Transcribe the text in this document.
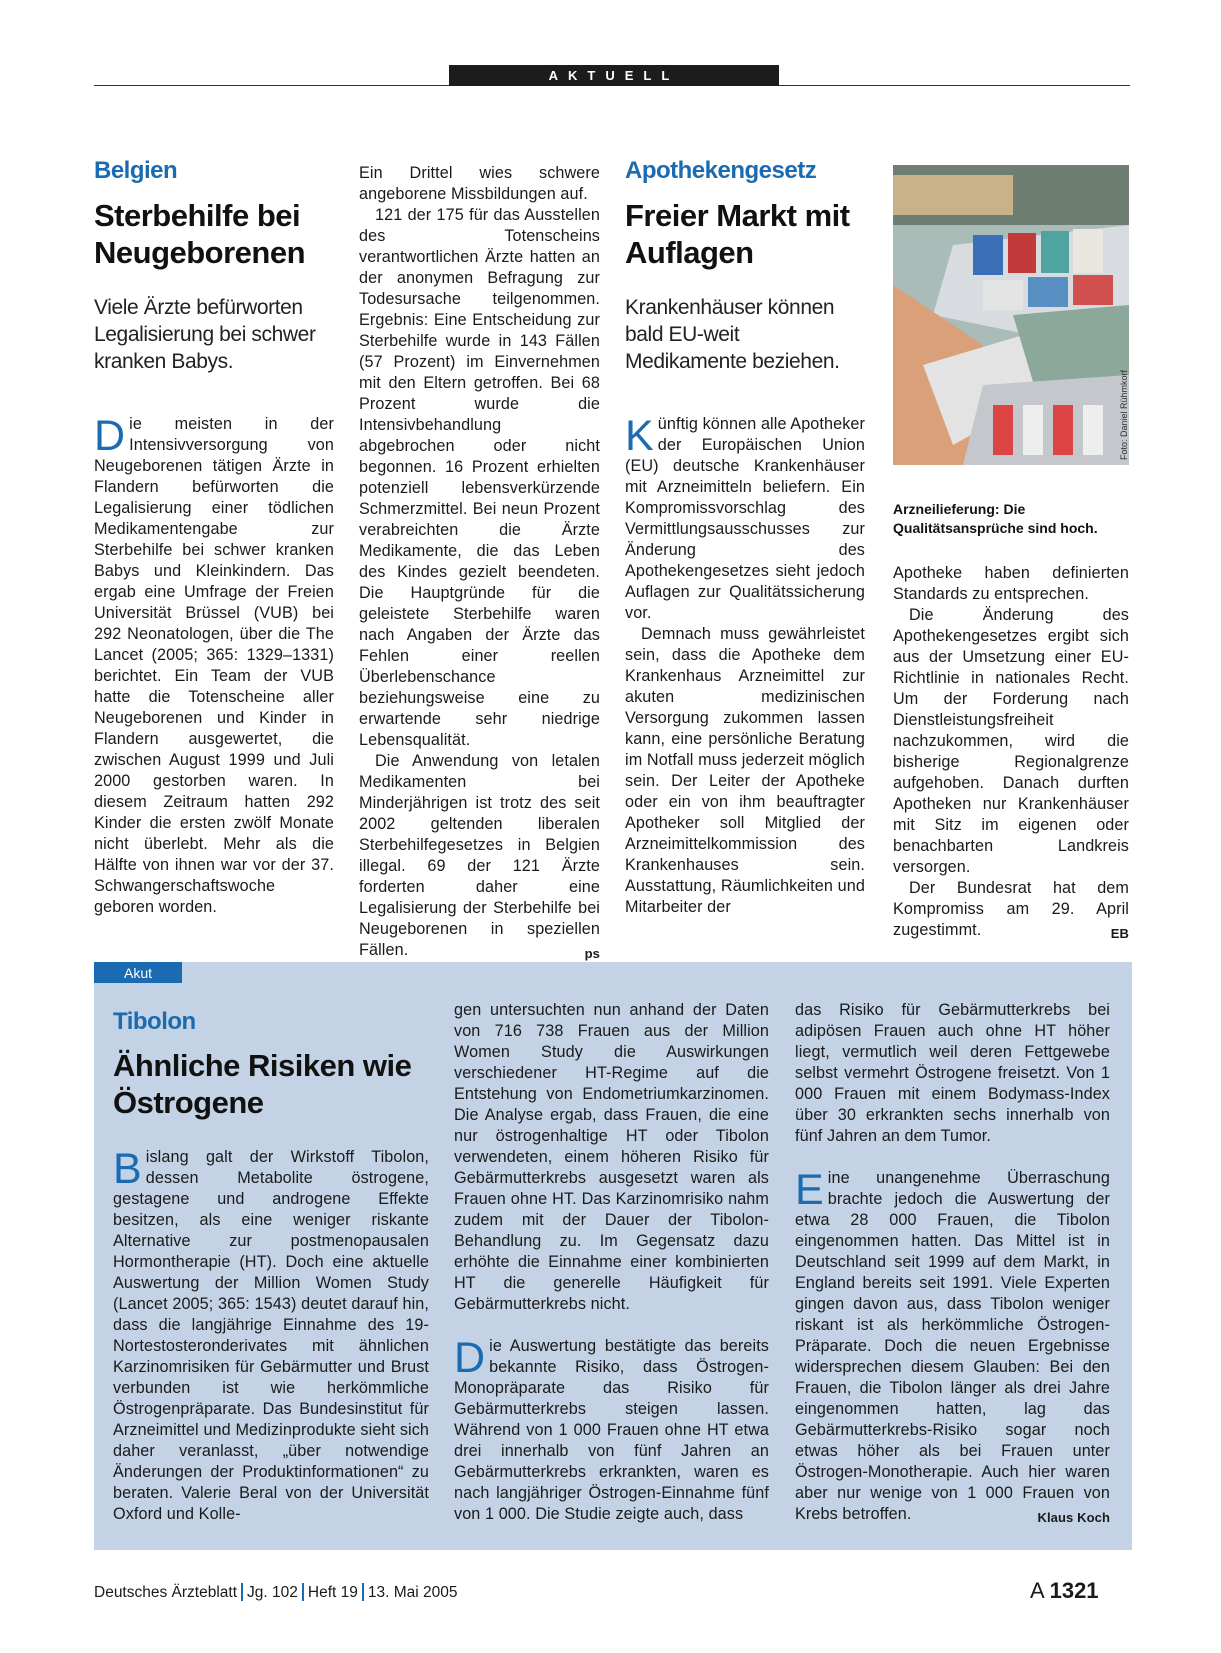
AKTUELL
Belgien
Sterbehilfe bei Neugeborenen
Viele Ärzte befürworten Legalisierung bei schwer kranken Babys.

Die meisten in der Intensivversorgung von Neugeborenen tätigen Ärzte in Flandern befürworten die Legalisierung einer tödlichen Medikamentengabe zur Sterbehilfe bei schwer kranken Babys und Kleinkindern. Das ergab eine Umfrage der Freien Universität Brüssel (VUB) bei 292 Neonatologen, über die The Lancet (2005; 365: 1329–1331) berichtet. Ein Team der VUB hatte die Totenscheine aller Neugeborenen und Kinder in Flandern ausgewertet, die zwischen August 1999 und Juli 2000 gestorben waren. In diesem Zeitraum hatten 292 Kinder die ersten zwölf Monate nicht überlebt. Mehr als die Hälfte von ihnen war vor der 37. Schwangerschaftswoche geboren worden.

Ein Drittel wies schwere angeborene Missbildungen auf.

121 der 175 für das Ausstellen des Totenscheins verantwortlichen Ärzte hatten an der anonymen Befragung zur Todesursache teilgenommen. Ergebnis: Eine Entscheidung zur Sterbehilfe wurde in 143 Fällen (57 Prozent) im Einvernehmen mit den Eltern getroffen. Bei 68 Prozent wurde die Intensivbehandlung abgebrochen oder nicht begonnen. 16 Prozent erhielten potenziell lebensverkürzende Schmerzmittel. Bei neun Prozent verabreichten die Ärzte Medikamente, die das Leben des Kindes gezielt beendeten. Die Hauptgründe für die geleistete Sterbehilfe waren nach Angaben der Ärzte das Fehlen einer reellen Überlebenschance beziehungsweise eine zu erwartende sehr niedrige Lebensqualität.

Die Anwendung von letalen Medikamenten bei Minderjährigen ist trotz des seit 2002 geltenden liberalen Sterbehilfegesetzes in Belgien illegal. 69 der 121 Ärzte forderten daher eine Legalisierung der Sterbehilfe bei Neugeborenen in speziellen Fällen.	ps

Apothekengesetz
Freier Markt mit Auflagen
Krankenhäuser können bald EU-weit Medikamente beziehen.

Künftig können alle Apotheker der Europäischen Union (EU) deutsche Krankenhäuser mit Arzneimitteln beliefern. Ein Kompromissvorschlag des Vermittlungsausschusses zur Änderung des Apothekengesetzes sieht jedoch Auflagen zur Qualitätssicherung vor.

Demnach muss gewährleistet sein, dass die Apotheke dem Krankenhaus Arzneimittel zur akuten medizinischen Versorgung zukommen lassen kann, eine persönliche Beratung im Notfall muss jederzeit möglich sein. Der Leiter der Apotheke oder ein von ihm beauftragter Apotheker soll Mitglied der Arzneimittelkommission des Krankenhauses sein. Ausstattung, Räumlichkeiten und Mitarbeiter der

Foto: Daniel Rühmkorf
Arzneilieferung: Die Qualitätsansprüche sind hoch.

Apotheke haben definierten Standards zu entsprechen.

Die Änderung des Apothekengesetzes ergibt sich aus der Umsetzung einer EU-Richtlinie in nationales Recht. Um der Forderung nach Dienstleistungsfreiheit nachzukommen, wird die bisherige Regionalgrenze aufgehoben. Danach durften Apotheken nur Krankenhäuser mit Sitz im eigenen oder benachbarten Landkreis versorgen.

Der Bundesrat hat dem Kompromiss am 29. April zugestimmt.	EB

Akut
Tibolon
Ähnliche Risiken wie Östrogene

Bislang galt der Wirkstoff Tibolon, dessen Metabolite östrogene, gestagene und androgene Effekte besitzen, als eine weniger riskante Alternative zur postmenopausalen Hormontherapie (HT). Doch eine aktuelle Auswertung der Million Women Study (Lancet 2005; 365: 1543) deutet darauf hin, dass die langjährige Einnahme des 19-Nortestosteronderivates mit ähnlichen Karzinomrisiken für Gebärmutter und Brust verbunden ist wie herkömmliche Östrogenpräparate. Das Bundesinstitut für Arzneimittel und Medizinprodukte sieht sich daher veranlasst, „über notwendige Änderungen der Produktinformationen“ zu beraten. Valerie Beral von der Universität Oxford und Kolle-

gen untersuchten nun anhand der Daten von 716 738 Frauen aus der Million Women Study die Auswirkungen verschiedener HT-Regime auf die Entstehung von Endometriumkarzinomen. Die Analyse ergab, dass Frauen, die eine nur östrogenhaltige HT oder Tibolon verwendeten, einem höheren Risiko für Gebärmutterkrebs ausgesetzt waren als Frauen ohne HT. Das Karzinomrisiko nahm zudem mit der Dauer der Tibolon-Behandlung zu. Im Gegensatz dazu erhöhte die Einnahme einer kombinierten HT die generelle Häufigkeit für Gebärmutterkrebs nicht.

Die Auswertung bestätigte das bereits bekannte Risiko, dass Östrogen-Monopräparate das Risiko für Gebärmutterkrebs steigen lassen. Während von 1 000 Frauen ohne HT etwa drei innerhalb von fünf Jahren an Gebärmutterkrebs erkrankten, waren es nach langjähriger Östrogen-Einnahme fünf von 1 000. Die Studie zeigte auch, dass

das Risiko für Gebärmutterkrebs bei adipösen Frauen auch ohne HT höher liegt, vermutlich weil deren Fettgewebe selbst vermehrt Östrogene freisetzt. Von 1 000 Frauen mit einem Bodymass-Index über 30 erkrankten sechs innerhalb von fünf Jahren an dem Tumor.

Eine unangenehme Überraschung brachte jedoch die Auswertung der etwa 28 000 Frauen, die Tibolon eingenommen hatten. Das Mittel ist in Deutschland seit 1999 auf dem Markt, in England bereits seit 1991. Viele Experten gingen davon aus, dass Tibolon weniger riskant ist als herkömmliche Östrogen-Präparate. Doch die neuen Ergebnisse widersprechen diesem Glauben: Bei den Frauen, die Tibolon länger als drei Jahre eingenommen hatten, lag das Gebärmutterkrebs-Risiko sogar noch etwas höher als bei Frauen unter Östrogen-Monotherapie. Auch hier waren aber nur wenige von 1 000 Frauen von Krebs betroffen.	Klaus Koch

Deutsches Ärzteblatt Jg. 102 Heft 19 13. Mai 2005	A 1321
